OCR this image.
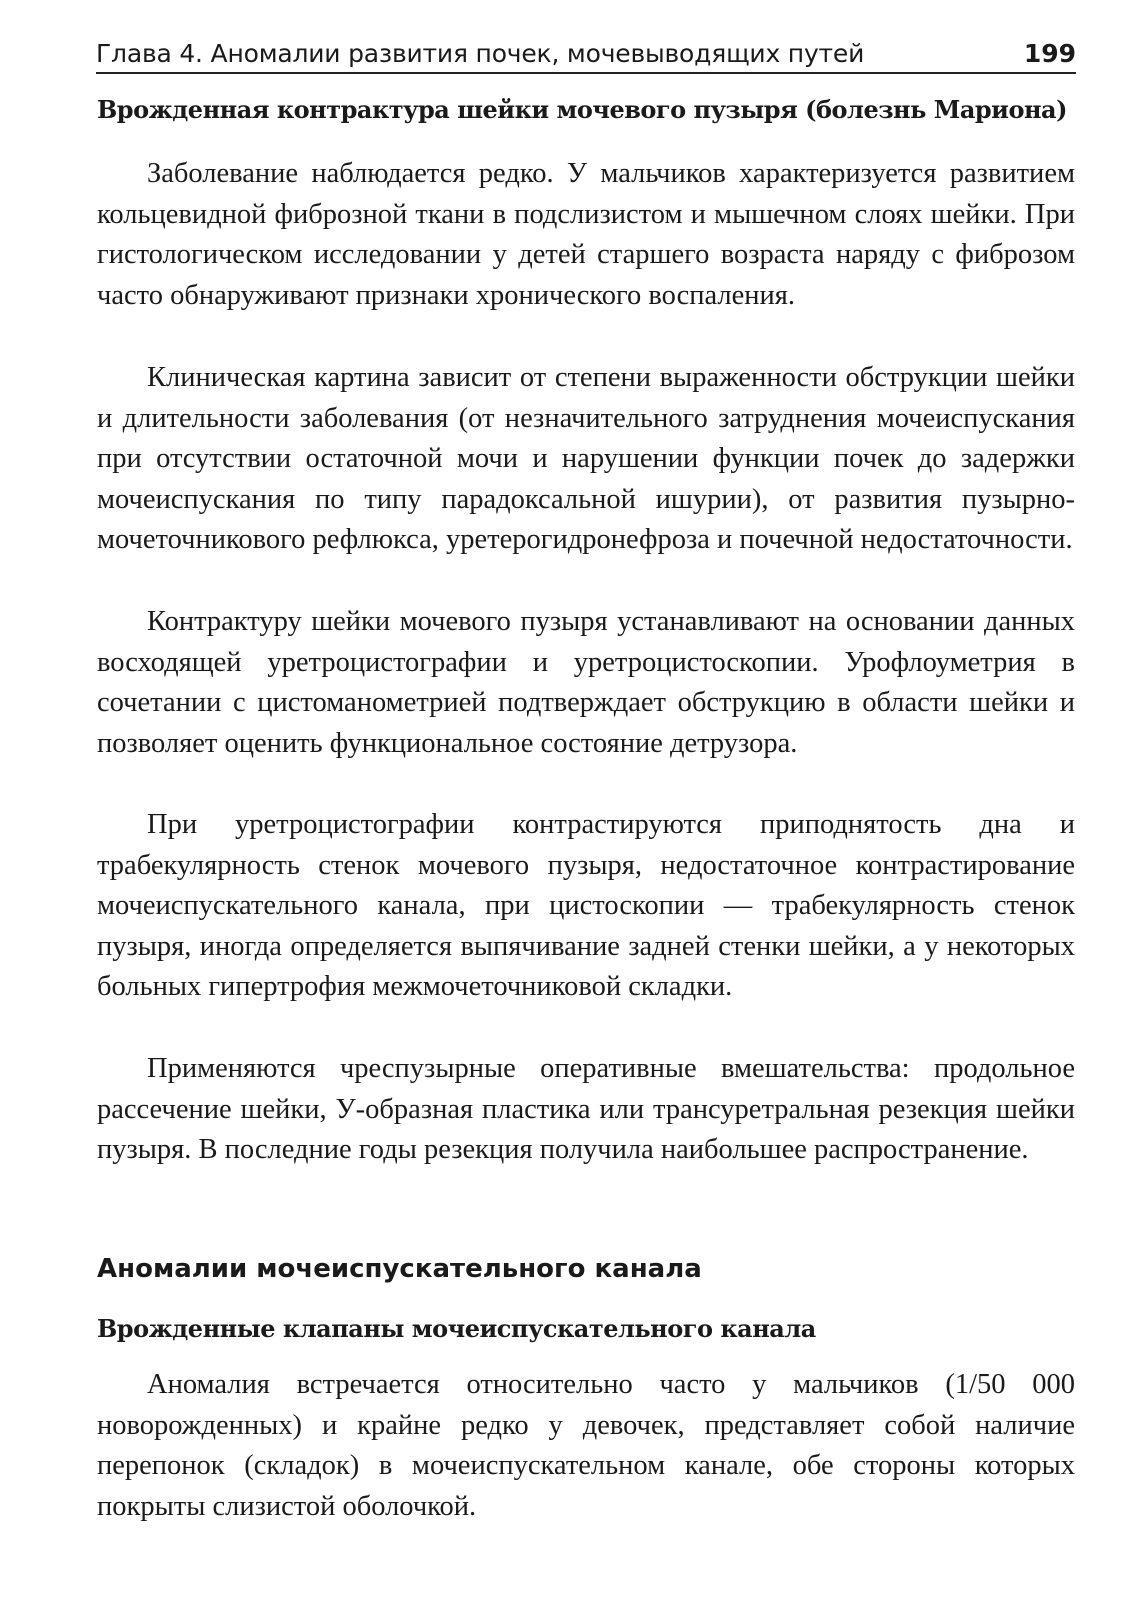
Глава 4. Аномалии развития почек, мочевыводящих путей	199
Врожденная контрактура шейки мочевого пузыря (болезнь Мариона)

Заболевание наблюдается редко. У мальчиков характеризуется развитием кольцевидной фиброзной ткани в подслизистом и мышечном слоях шейки. При гистологическом исследовании у детей старшего возраста наряду с фиброзом часто обнаруживают признаки хронического воспаления.

Клиническая картина зависит от степени выраженности обструкции шейки и длительности заболевания (от незначительного затруднения мочеиспускания при отсутствии остаточной мочи и нарушении функции почек до задержки мочеиспускания по типу парадоксальной ишурии), от развития пузырно-мочеточникового рефлюкса, уретерогидронефроза и почечной недостаточности.

Контрактуру шейки мочевого пузыря устанавливают на основании данных восходящей уретроцистографии и уретроцистоскопии. Урофлоуметрия в сочетании с цистоманометрией подтверждает обструкцию в области шейки и позволяет оценить функциональное состояние детрузора.

При уретроцистографии контрастируются приподнятость дна и трабекулярность стенок мочевого пузыря, недостаточное контрастирование мочеиспускательного канала, при цистоскопии — трабекулярность стенок пузыря, иногда определяется выпячивание задней стенки шейки, а у некоторых больных гипертрофия межмочеточниковой складки.

Применяются чреспузырные оперативные вмешательства: продольное рассечение шейки, У-образная пластика или трансуретральная резекция шейки пузыря. В последние годы резекция получила наибольшее распространение.

Аномалии мочеиспускательного канала
Врожденные клапаны мочеиспускательного канала

Аномалия встречается относительно часто у мальчиков (1/50 000 новорожденных) и крайне редко у девочек, представляет собой наличие перепонок (складок) в мочеиспускательном канале, обе стороны которых покрыты слизистой оболочкой.
